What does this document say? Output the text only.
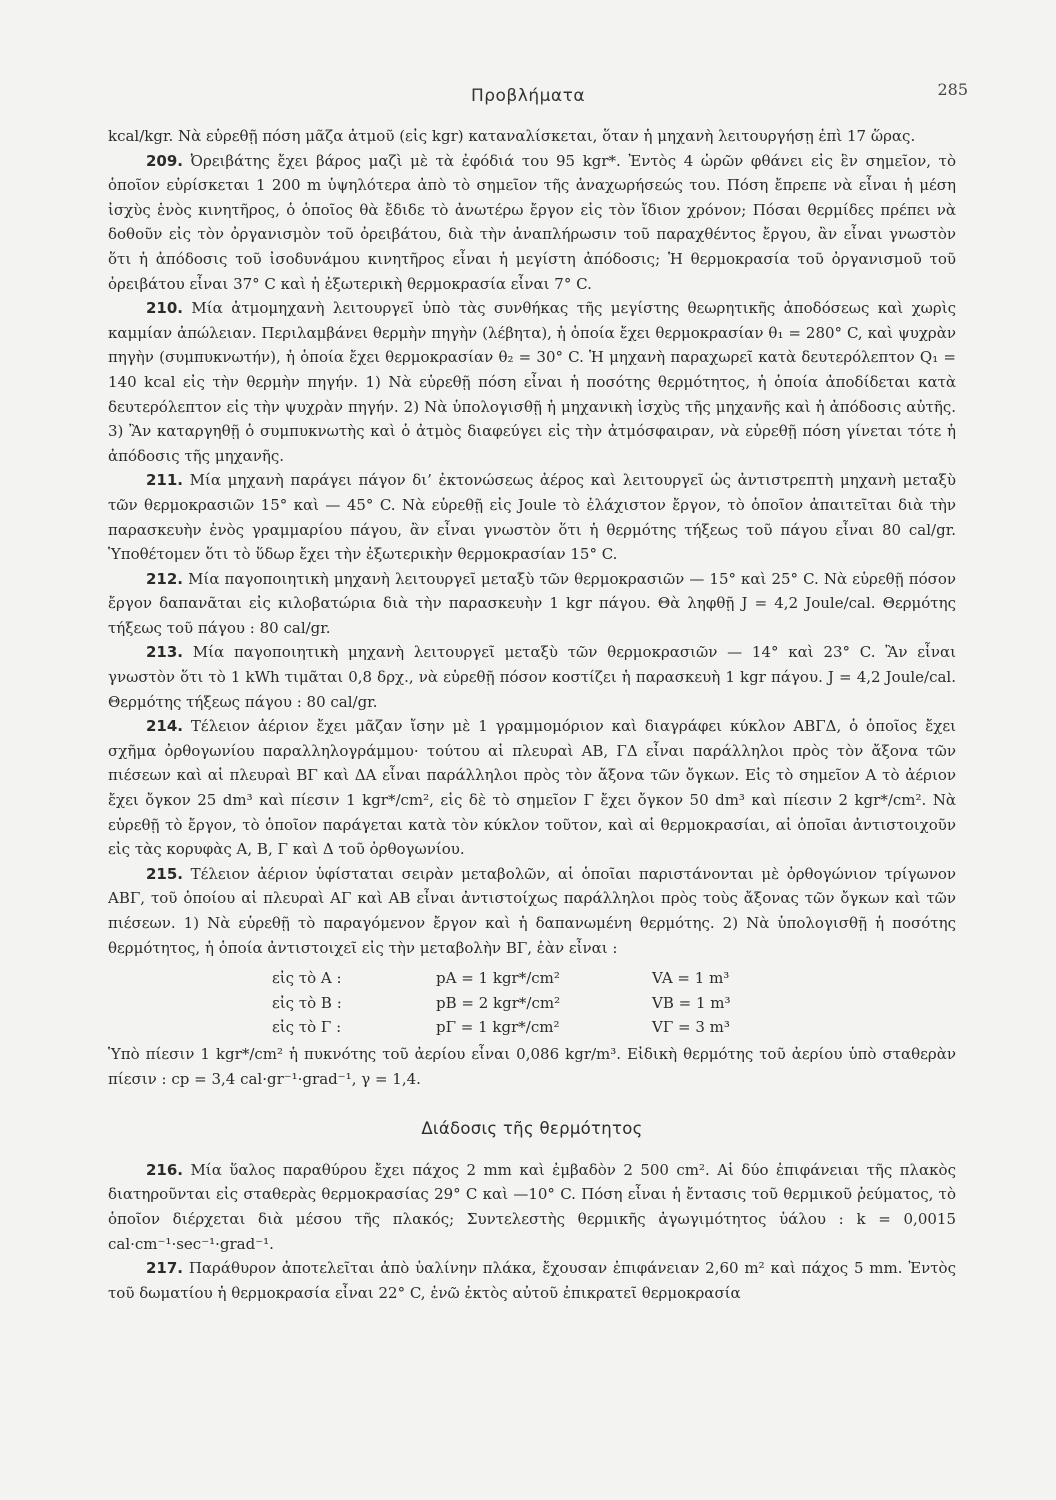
Προβλήματα	285

kcal/kgr. Νὰ εὑρεθῇ πόση μᾶζα ἀτμοῦ (εἰς kgr) καταναλίσκεται, ὅταν ἡ μηχανὴ λειτουργήσῃ ἐπὶ 17 ὥρας.

209. Ὀρειβάτης ἔχει βάρος μαζὶ μὲ τὰ ἐφόδιά του 95 kgr*. Ἐντὸς 4 ὡρῶν φθάνει εἰς ἓν σημεῖον, τὸ ὁποῖον εὑρίσκεται 1 200 m ὑψηλότερα ἀπὸ τὸ σημεῖον τῆς ἀναχωρήσεώς του. Πόση ἔπρεπε νὰ εἶναι ἡ μέση ἰσχὺς ἑνὸς κινητῆρος, ὁ ὁποῖος θὰ ἔδιδε τὸ ἀνωτέρω ἔργον εἰς τὸν ἴδιον χρόνον; Πόσαι θερμίδες πρέπει νὰ δοθοῦν εἰς τὸν ὀργανισμὸν τοῦ ὀρειβάτου, διὰ τὴν ἀναπλήρωσιν τοῦ παραχθέντος ἔργου, ἂν εἶναι γνωστὸν ὅτι ἡ ἀπόδοσις τοῦ ἰσοδυνάμου κινητῆρος εἶναι ἡ μεγίστη ἀπόδοσις; Ἡ θερμοκρασία τοῦ ὀργανισμοῦ τοῦ ὀρειβάτου εἶναι 37° C καὶ ἡ ἐξωτερικὴ θερμοκρασία εἶναι 7° C.

210. Μία ἀτμομηχανὴ λειτουργεῖ ὑπὸ τὰς συνθήκας τῆς μεγίστης θεωρητικῆς ἀποδόσεως καὶ χωρὶς καμμίαν ἀπώλειαν. Περιλαμβάνει θερμὴν πηγὴν (λέβητα), ἡ ὁποία ἔχει θερμοκρασίαν θ₁ = 280° C, καὶ ψυχρὰν πηγὴν (συμπυκνωτήν), ἡ ὁποία ἔχει θερμοκρασίαν θ₂ = 30° C. Ἡ μηχανὴ παραχωρεῖ κατὰ δευτερόλεπτον Q₁ = 140 kcal εἰς τὴν θερμὴν πηγήν. 1) Νὰ εὑρεθῇ πόση εἶναι ἡ ποσότης θερμότητος, ἡ ὁποία ἀποδίδεται κατὰ δευτερόλεπτον εἰς τὴν ψυχρὰν πηγήν. 2) Νὰ ὑπολογισθῇ ἡ μηχανικὴ ἰσχὺς τῆς μηχανῆς καὶ ἡ ἀπόδοσις αὐτῆς. 3) Ἂν καταργηθῇ ὁ συμπυκνωτὴς καὶ ὁ ἀτμὸς διαφεύγει εἰς τὴν ἀτμόσφαιραν, νὰ εὑρεθῇ πόση γίνεται τότε ἡ ἀπόδοσις τῆς μηχανῆς.

211. Μία μηχανὴ παράγει πάγον δι’ ἐκτονώσεως ἀέρος καὶ λειτουργεῖ ὡς ἀντιστρεπτὴ μηχανὴ μεταξὺ τῶν θερμοκρασιῶν 15° καὶ — 45° C. Νὰ εὑρεθῇ εἰς Joule τὸ ἐλάχιστον ἔργον, τὸ ὁποῖον ἀπαιτεῖται διὰ τὴν παρασκευὴν ἑνὸς γραμμαρίου πάγου, ἂν εἶναι γνωστὸν ὅτι ἡ θερμότης τήξεως τοῦ πάγου εἶναι 80 cal/gr. Ὑποθέτομεν ὅτι τὸ ὕδωρ ἔχει τὴν ἐξωτερικὴν θερμοκρασίαν 15° C.

212. Μία παγοποιητικὴ μηχανὴ λειτουργεῖ μεταξὺ τῶν θερμοκρασιῶν — 15° καὶ 25° C. Νὰ εὑρεθῇ πόσον ἔργον δαπανᾶται εἰς κιλοβατώρια διὰ τὴν παρασκευὴν 1 kgr πάγου. Θὰ ληφθῇ J = 4,2 Joule/cal. Θερμότης τήξεως τοῦ πάγου : 80 cal/gr.

213. Μία παγοποιητικὴ μηχανὴ λειτουργεῖ μεταξὺ τῶν θερμοκρασιῶν — 14° καὶ 23° C. Ἂν εἶναι γνωστὸν ὅτι τὸ 1 kWh τιμᾶται 0,8 δρχ., νὰ εὑρεθῇ πόσον κοστίζει ἡ παρασκευὴ 1 kgr πάγου. J = 4,2 Joule/cal. Θερμότης τήξεως πάγου : 80 cal/gr.

214. Τέλειον ἀέριον ἔχει μᾶζαν ἴσην μὲ 1 γραμμομόριον καὶ διαγράφει κύκλον ΑΒΓΔ, ὁ ὁποῖος ἔχει σχῆμα ὀρθογωνίου παραλληλογράμμου· τούτου αἱ πλευραὶ ΑΒ, ΓΔ εἶναι παράλληλοι πρὸς τὸν ἄξονα τῶν πιέσεων καὶ αἱ πλευραὶ ΒΓ καὶ ΔΑ εἶναι παράλληλοι πρὸς τὸν ἄξονα τῶν ὄγκων. Εἰς τὸ σημεῖον Α τὸ ἀέριον ἔχει ὄγκον 25 dm³ καὶ πίεσιν 1 kgr*/cm², εἰς δὲ τὸ σημεῖον Γ ἔχει ὄγκον 50 dm³ καὶ πίεσιν 2 kgr*/cm². Νὰ εὑρεθῇ τὸ ἔργον, τὸ ὁποῖον παράγεται κατὰ τὸν κύκλον τοῦτον, καὶ αἱ θερμοκρασίαι, αἱ ὁποῖαι ἀντιστοιχοῦν εἰς τὰς κορυφὰς Α, Β, Γ καὶ Δ τοῦ ὀρθογωνίου.

215. Τέλειον ἀέριον ὑφίσταται σειρὰν μεταβολῶν, αἱ ὁποῖαι παριστάνονται μὲ ὀρθογώνιον τρίγωνον ΑΒΓ, τοῦ ὁποίου αἱ πλευραὶ ΑΓ καὶ ΑΒ εἶναι ἀντιστοίχως παράλληλοι πρὸς τοὺς ἄξονας τῶν ὄγκων καὶ τῶν πιέσεων. 1) Νὰ εὑρεθῇ τὸ παραγόμενον ἔργον καὶ ἡ δαπανωμένη θερμότης. 2) Νὰ ὑπολογισθῇ ἡ ποσότης θερμότητος, ἡ ὁποία ἀντιστοιχεῖ εἰς τὴν μεταβολὴν ΒΓ, ἐὰν εἶναι :

εἰς τὸ Α :	pA = 1 kgr*/cm²	VA = 1 m³
εἰς τὸ Β :	pB = 2 kgr*/cm²	VB = 1 m³
εἰς τὸ Γ :	pΓ = 1 kgr*/cm²	VΓ = 3 m³

Ὑπὸ πίεσιν 1 kgr*/cm² ἡ πυκνότης τοῦ ἀερίου εἶναι 0,086 kgr/m³. Εἰδικὴ θερμότης τοῦ ἀερίου ὑπὸ σταθερὰν πίεσιν : cp = 3,4 cal·gr⁻¹·grad⁻¹, γ = 1,4.

Διάδοσις τῆς θερμότητος

216. Μία ὕαλος παραθύρου ἔχει πάχος 2 mm καὶ ἐμβαδὸν 2 500 cm². Αἱ δύο ἐπιφάνειαι τῆς πλακὸς διατηροῦνται εἰς σταθερὰς θερμοκρασίας 29° C καὶ —10° C. Πόση εἶναι ἡ ἔντασις τοῦ θερμικοῦ ῥεύματος, τὸ ὁποῖον διέρχεται διὰ μέσου τῆς πλακός; Συντελεστὴς θερμικῆς ἀγωγιμότητος ὑάλου : k = 0,0015 cal·cm⁻¹·sec⁻¹·grad⁻¹.

217. Παράθυρον ἀποτελεῖται ἀπὸ ὑαλίνην πλάκα, ἔχουσαν ἐπιφάνειαν 2,60 m² καὶ πάχος 5 mm. Ἐντὸς τοῦ δωματίου ἡ θερμοκρασία εἶναι 22° C, ἐνῶ ἐκτὸς αὐτοῦ ἐπικρατεῖ θερμοκρασία
